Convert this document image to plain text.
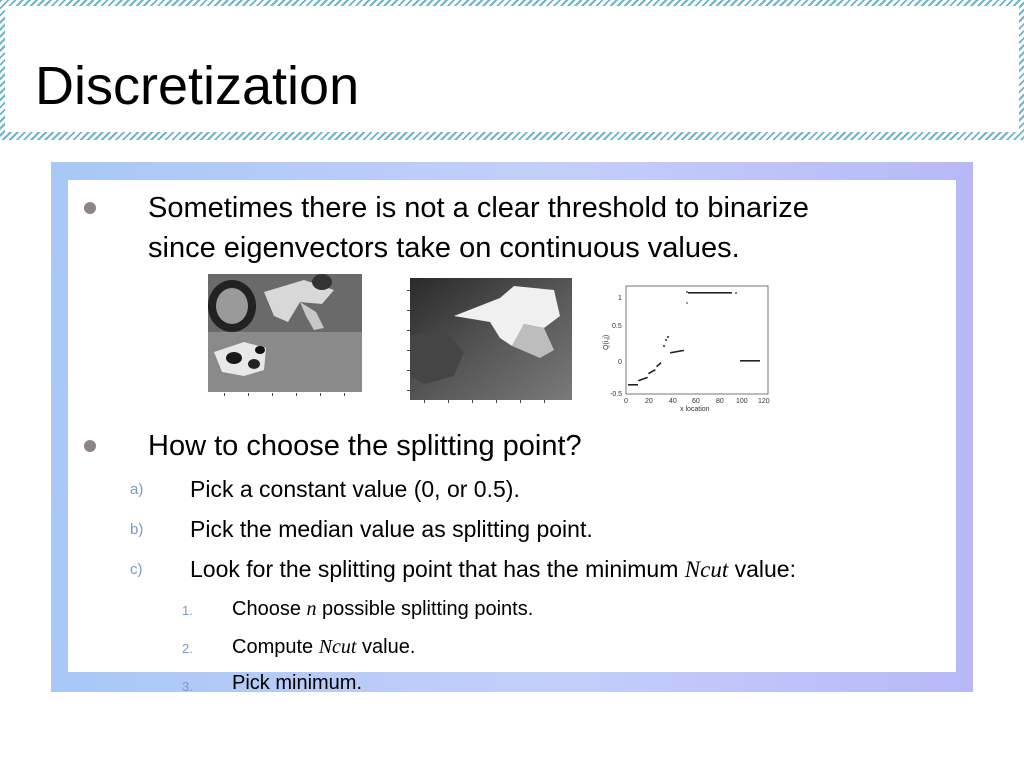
Discretization

Sometimes there is not a clear threshold to binarize

since eigenvectors take on continuous values.

Q(i,j)
1
0.5
0
-0.5
0 20 40 60 80 100 120
x location

How to choose the splitting point?

a) Pick a constant value (0, or 0.5).
b) Pick the median value as splitting point.
c) Look for the splitting point that has the minimum Ncut value:
1. Choose n possible splitting points.
2. Compute Ncut value.
3. Pick minimum.
